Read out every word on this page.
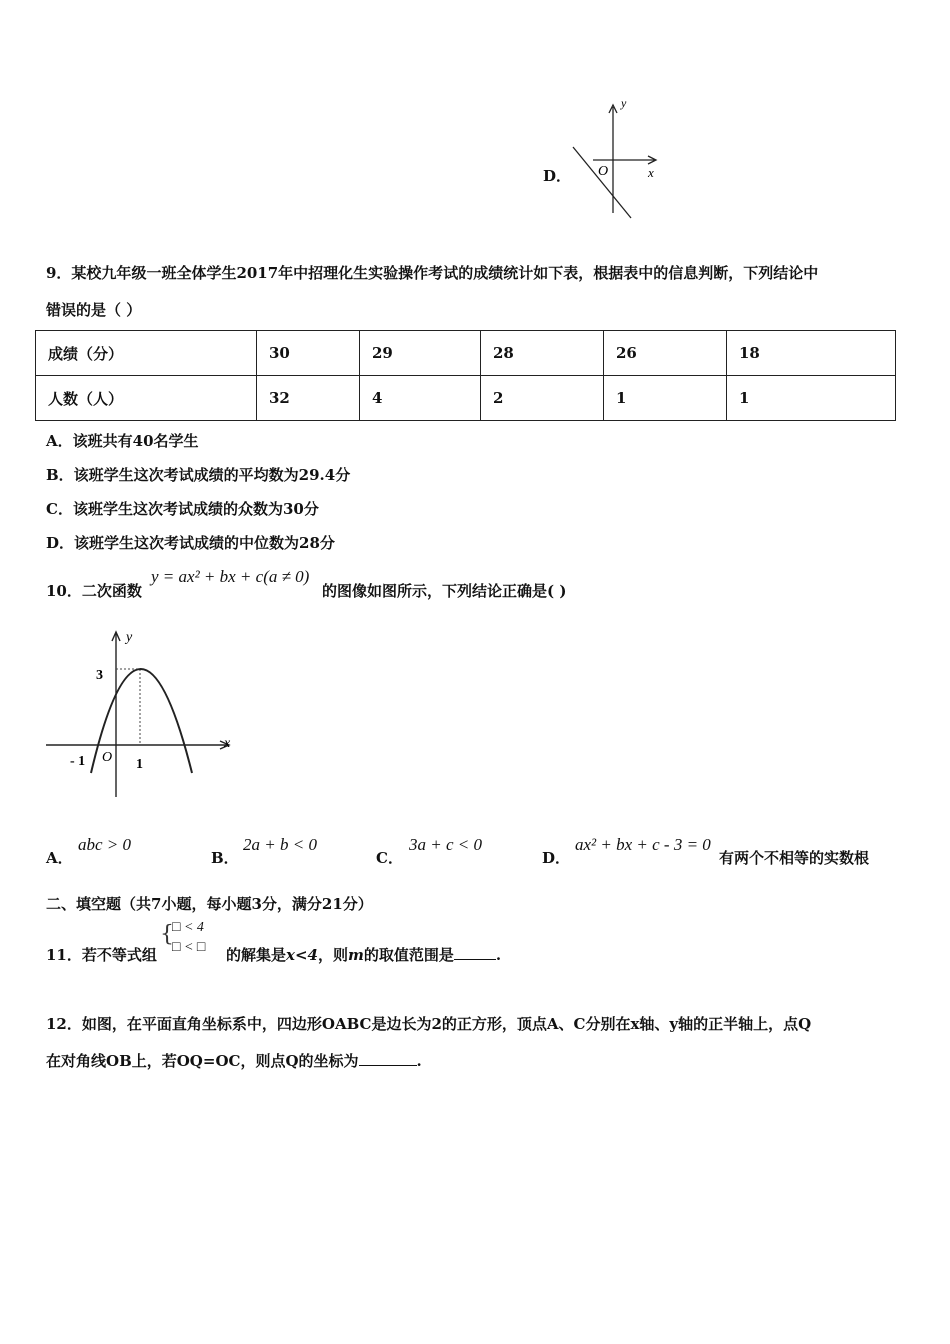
D．
y
x
O
9．某校九年级一班全体学生2017年中招理化生实验操作考试的成绩统计如下表，根据表中的信息判断，下列结论中
错误的是（ ）
成绩（分）	30	29	28	26	18
人数（人）	32	4	2	1	1
A．该班共有40名学生
B．该班学生这次考试成绩的平均数为29.4分
C．该班学生这次考试成绩的众数为30分
D．该班学生这次考试成绩的中位数为28分
10．二次函数
y = ax² + bx + c(a ≠ 0)
的图像如图所示，下列结论正确是( )
y
x
3
- 1 O 1
A．
abc > 0
B．
2a + b < 0
C．
3a + c < 0
D．
ax² + bx + c - 3 = 0
有两个不相等的实数根
二、填空题（共7小题，每小题3分，满分21分）
11．若不等式组
{
□ < 4
□ < □ 的解集是x<4，则m的取值范围是	.
12．如图，在平面直角坐标系中，四边形OABC是边长为2的正方形，顶点A、C分别在x轴、y轴的正半轴上，点Q
在对角线OB上，若OQ=OC，则点Q的坐标为	.
